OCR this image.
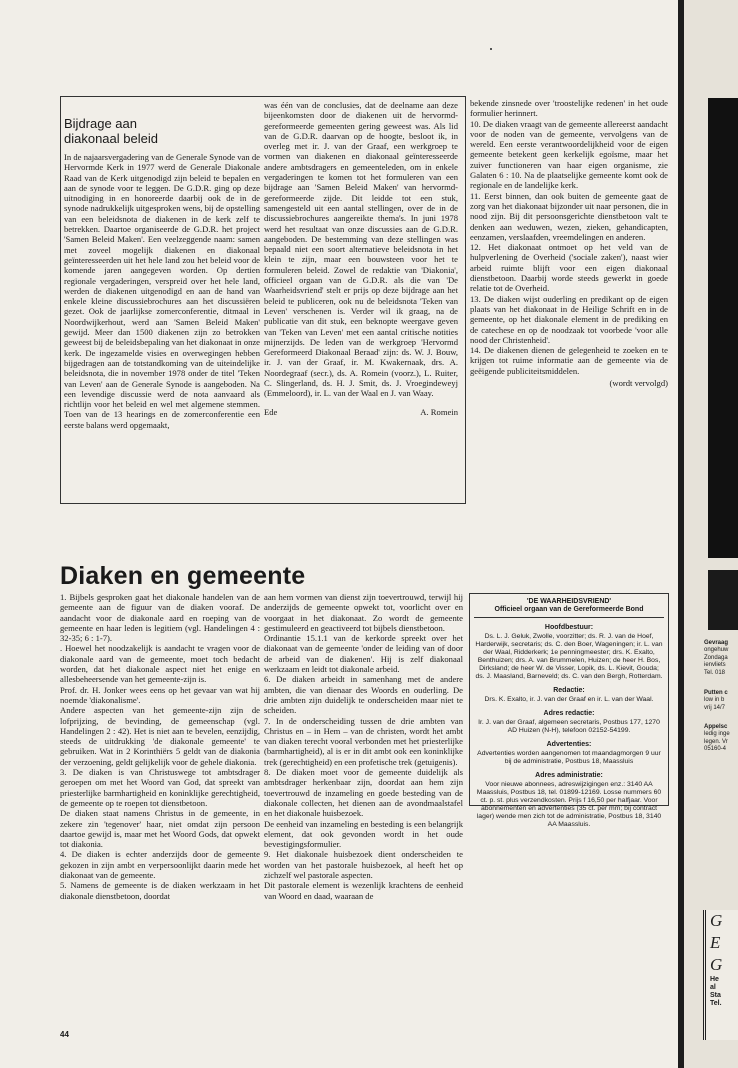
Bijdrage aan
diakonaal beleid

In de najaarsvergadering van de Generale Synode van de Hervormde Kerk in 1977 werd de Generale Diakonale Raad van de Kerk uitgenodigd zijn beleid te bepalen en aan de synode voor te leggen. De G.D.R. ging op deze uitnodiging in en honoreerde daarbij ook de in de synode nadrukkelijk uitgesproken wens, bij de opstelling van een beleidsnota de diakenen in de kerk zelf te betrekken. Daartoe organiseerde de G.D.R. het project 'Samen Beleid Maken'. Een veelzeggende naam: samen met zoveel mogelijk diakenen en diakonaal geïnteresseerden uit het hele land zou het beleid voor de komende jaren aangegeven worden. Op dertien regionale vergaderingen, verspreid over het hele land, werden de diakenen uitgenodigd en aan de hand van enkele kleine discussiebrochures aan het discussiëren gezet. Ook de jaarlijkse zomerconferentie, ditmaal in Noordwijkerhout, werd aan 'Samen Beleid Maken' gewijd. Meer dan 1500 diakenen zijn zo betrokken geweest bij de beleidsbepaling van het diakonaat in onze kerk. De ingezamelde visies en overwegingen hebben bijgedragen aan de totstandkoming van de uiteindelijke beleidsnota, die in november 1978 onder de titel 'Teken van Leven' aan de Generale Synode is aangeboden. Na een levendige discussie werd de nota aanvaard als richtlijn voor het beleid en wel met algemene stemmen. Toen van de 13 hearings en de zomerconferentie een eerste balans werd opgemaakt,

was één van de conclusies, dat de deelname aan deze bijeenkomsten door de diakenen uit de hervormd-gereformeerde gemeenten gering geweest was. Als lid van de G.D.R. daarvan op de hoogte, besloot ik, in overleg met ir. J. van der Graaf, een werkgroep te vormen van diakenen en diakonaal geïnteresseerde andere ambtsdragers en gemeenteleden, om in enkele vergaderingen te komen tot het formuleren van een bijdrage aan 'Samen Beleid Maken' van hervormd-gereformeerde zijde. Dit leidde tot een stuk, samengesteld uit een aantal stellingen, over de in de discussiebrochures aangereikte thema's. In juni 1978 werd het resultaat van onze discussies aan de G.D.R. aangeboden. De bestemming van deze stellingen was bepaald niet een soort alternatieve beleidsnota in het klein te zijn, maar een bouwsteen voor het te formuleren beleid. Zowel de redaktie van 'Diakonia', officieel orgaan van de G.D.R. als die van 'De Waarheidsvriend' stelt er prijs op deze bijdrage aan het beleid te publiceren, ook nu de beleidsnota 'Teken van Leven' verschenen is. Verder wil ik graag, na de publicatie van dit stuk, een beknopte weergave geven van 'Teken van Leven' met een aantal critische notities mijnerzijds. De leden van de werkgroep 'Hervormd Gereformeerd Diakonaal Beraad' zijn: ds. W. J. Bouw, ir. J. van der Graaf, ir. M. Kwakernaak, drs. A. Noordegraaf (secr.), ds. A. Romein (voorz.), L. Ruiter, C. Slingerland, ds. H. J. Smit, ds. J. Vroegindeweyj (Emmeloord), ir. L. van der Waal en J. van Waay.

Ede	A. Romein

bekende zinsnede over 'troostelijke redenen' in het oude formulier herinnert.

10. De diaken vraagt van de gemeente allereerst aandacht voor de noden van de gemeente, vervolgens van de wereld. Een eerste verantwoordelijkheid voor de eigen gemeente betekent geen kerkelijk egoïsme, maar het zuiver functioneren van haar eigen organisme, zie Galaten 6 : 10. Na de plaatselijke gemeente komt ook de regionale en de landelijke kerk.

11. Eerst binnen, dan ook buiten de gemeente gaat de zorg van het diakonaat bijzonder uit naar personen, die in nood zijn. Bij dit persoonsgerichte dienstbetoon valt te denken aan weduwen, wezen, zieken, gehandicapten, eenzamen, verslaafden, vreemdelingen en anderen.

12. Het diakonaat ontmoet op het veld van de hulpverlening de Overheid ('sociale zaken'), naast wier arbeid ruimte blijft voor een eigen diakonaal dienstbetoon. Daarbij worde steeds gewerkt in goede relatie tot de Overheid.

13. De diaken wijst ouderling en predikant op de eigen plaats van het diakonaat in de Heilige Schrift en in de gemeente, op het diakonale element in de prediking en de catechese en op de noodzaak tot voorbede 'voor alle nood der Christenheid'.

14. De diakenen dienen de gelegenheid te zoeken en te krijgen tot ruime informatie aan de gemeente via de geëigende publiciteitsmiddelen.

(wordt vervolgd)

Diaken en gemeente

1. Bijbels gesproken gaat het diakonale handelen van de gemeente aan de figuur van de diaken vooraf. De aandacht voor de diakonale aard en roeping van de gemeente en haar leden is legitiem (vgl. Handelingen 4 : 32-35; 6 : 1-7).

. Hoewel het noodzakelijk is aandacht te vragen voor de diakonale aard van de gemeente, moet toch bedacht worden, dat het diakonale aspect niet het enige en allesbeheersende van het gemeente-zijn is.

Prof. dr. H. Jonker wees eens op het gevaar van wat hij noemde 'diakonalisme'.

Andere aspecten van het gemeente-zijn zijn de lofprijzing, de bevinding, de gemeenschap (vgl. Handelingen 2 : 42). Het is niet aan te bevelen, eenzijdig, steeds de uitdrukking 'de diakonale gemeente' te gebruiken. Wat in 2 Korinthiërs 5 geldt van de diakonia der verzoening, geldt gelijkelijk voor de gehele diakonia.

3. De diaken is van Christuswege tot ambtsdrager geroepen om met het Woord van God, dat spreekt van priesterlijke barmhartigheid en koninklijke gerechtigheid, de gemeente op te roepen tot dienstbetoon.

De diaken staat namens Christus in de gemeente, in zekere zin 'tegenover' haar, niet omdat zijn persoon daartoe gewijd is, maar met het Woord Gods, dat opwekt tot diakonia.

4. De diaken is echter anderzijds door de gemeente gekozen in zijn ambt en verpersoonlijkt daarin mede het diakonaat van de gemeente.

5. Namens de gemeente is de diaken werkzaam in het diakonale dienstbetoon, doordat

aan hem vormen van dienst zijn toevertrouwd, terwijl hij anderzijds de gemeente opwekt tot, voorlicht over en voorgaat in het diakonaat. Zo wordt de gemeente gestimuleerd en geactiveerd tot bijbels dienstbetoon.

Ordinantie 15.1.1 van de kerkorde spreekt over het diakonaat van de gemeente 'onder de leiding van of door de arbeid van de diakenen'. Hij is zelf diakonaal werkzaam en leidt tot diakonale arbeid.

6. De diaken arbeidt in samenhang met de andere ambten, die van dienaar des Woords en ouderling. De drie ambten zijn duidelijk te onderscheiden maar niet te scheiden.

7. In de onderscheiding tussen de drie ambten van Christus en – in Hem – van de christen, wordt het ambt van diaken terecht vooral verbonden met het priesterlijke (barmhartigheid), al is er in dit ambt ook een koninklijke trek (gerechtigheid) en een profetische trek (getuigenis).

8. De diaken moet voor de gemeente duidelijk als ambtsdrager herkenbaar zijn, doordat aan hem zijn toevertrouwd de inzameling en goede besteding van de diakonale collecten, het dienen aan de avondmaalstafel en het diakonale huisbezoek.

De eenheid van inzameling en besteding is een belangrijk element, dat ook gevonden wordt in het oude bevestigingsformulier.

9. Het diakonale huisbezoek dient onderscheiden te worden van het pastorale huisbezoek, al heeft het op zichzelf wel pastorale aspecten.

Dit pastorale element is wezenlijk krachtens de eenheid van Woord en daad, waaraan de

'DE WAARHEIDSVRIEND'
Officieel orgaan van de Gereformeerde Bond
Hoofdbestuur:
Ds. L. J. Geluk, Zwolle, voorzitter; ds. R. J. van de Hoef, Harderwijk, secretaris; ds. C. den Boer, Wageningen; ir. L. van der Waal, Ridderkerk; 1e penningmeester; drs. K. Exalto, Benthuizen; drs. A. van Brummelen, Huizen; de heer H. Bos, Dirksland; de heer W. de Visser, Lopik, ds. L. Kievit, Gouda; ds. J. Maasland, Barneveld; ds. C. van den Bergh, Rotterdam.
Redactie:
Drs. K. Exalto, ir. J. van der Graaf en ir. L. van der Waal.
Adres redactie:
Ir. J. van der Graaf, algemeen secretaris, Postbus 177, 1270 AD Huizen (N-H), telefoon 02152-54199.
Advertenties:
Advertenties worden aangenomen tot maandagmorgen 9 uur bij de administratie, Postbus 18, Maassluis
Adres administratie:
Voor nieuwe abonnees, adreswijzigingen enz.: 3140 AA Maassluis, Postbus 18, tel. 01899-12169. Losse nummers 60 ct. p. st. plus verzendkosten. Prijs f 16,50 per halfjaar. Voor abonnementen en advertenties (35 ct. per mm; bij contract lager) wende men zich tot de administratie, Postbus 18, 3140 AA Maassluis.
44
Gevraag
ongehuw
Zondaga
ienvliets
Tel. 018
Putten c
low in b
vrij 14/7
Appelsc
ledig inge
legen. Vr
05160-4
G
E
G
He
al
Sta
Tel.
